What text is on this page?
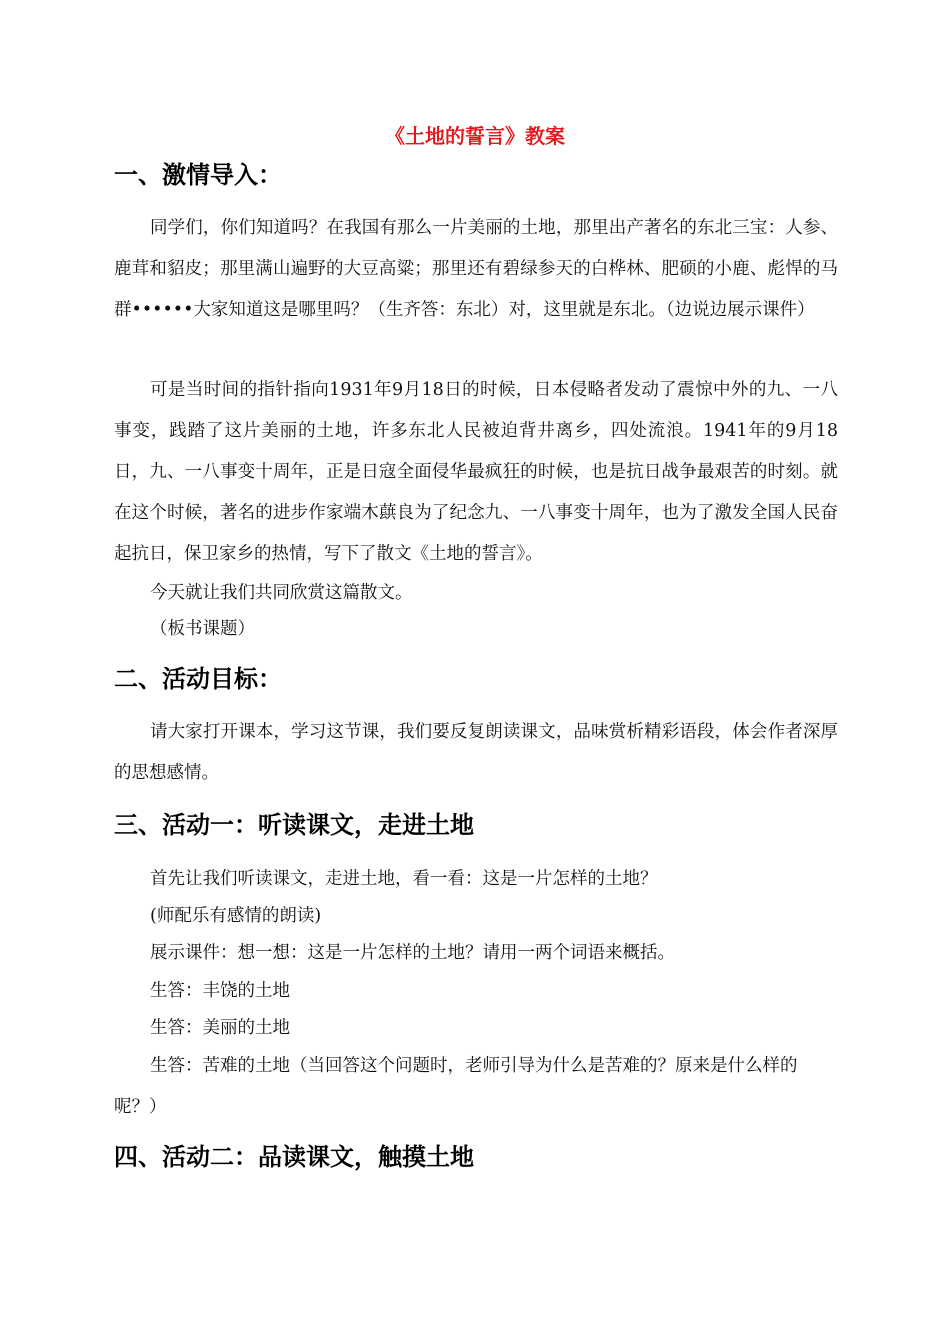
《土地的誓言》教案
一、激情导入：

同学们，你们知道吗？在我国有那么一片美丽的土地，那里出产著名的东北三宝：人参、鹿茸和貂皮；那里满山遍野的大豆高粱；那里还有碧绿参天的白桦林、肥硕的小鹿、彪悍的马群••••••大家知道这是哪里吗？（生齐答：东北）对，这里就是东北。（边说边展示课件）

可是当时间的指针指向1931年9月18日的时候，日本侵略者发动了震惊中外的九、一八事变，践踏了这片美丽的土地，许多东北人民被迫背井离乡，四处流浪。1941年的9月18日，九、一八事变十周年，正是日寇全面侵华最疯狂的时候，也是抗日战争最艰苦的时刻。就在这个时候，著名的进步作家端木蕻良为了纪念九、一八事变十周年，也为了激发全国人民奋起抗日，保卫家乡的热情，写下了散文《土地的誓言》。

今天就让我们共同欣赏这篇散文。

（板书课题）

二、活动目标：

请大家打开课本，学习这节课，我们要反复朗读课文，品味赏析精彩语段，体会作者深厚的思想感情。

三、活动一：听读课文，走进土地

首先让我们听读课文，走进土地，看一看：这是一片怎样的土地？

(师配乐有感情的朗读)

展示课件：想一想：这是一片怎样的土地？请用一两个词语来概括。

生答：丰饶的土地

生答：美丽的土地

生答：苦难的土地（当回答这个问题时，老师引导为什么是苦难的？原来是什么样的呢？）

四、活动二：品读课文，触摸土地
